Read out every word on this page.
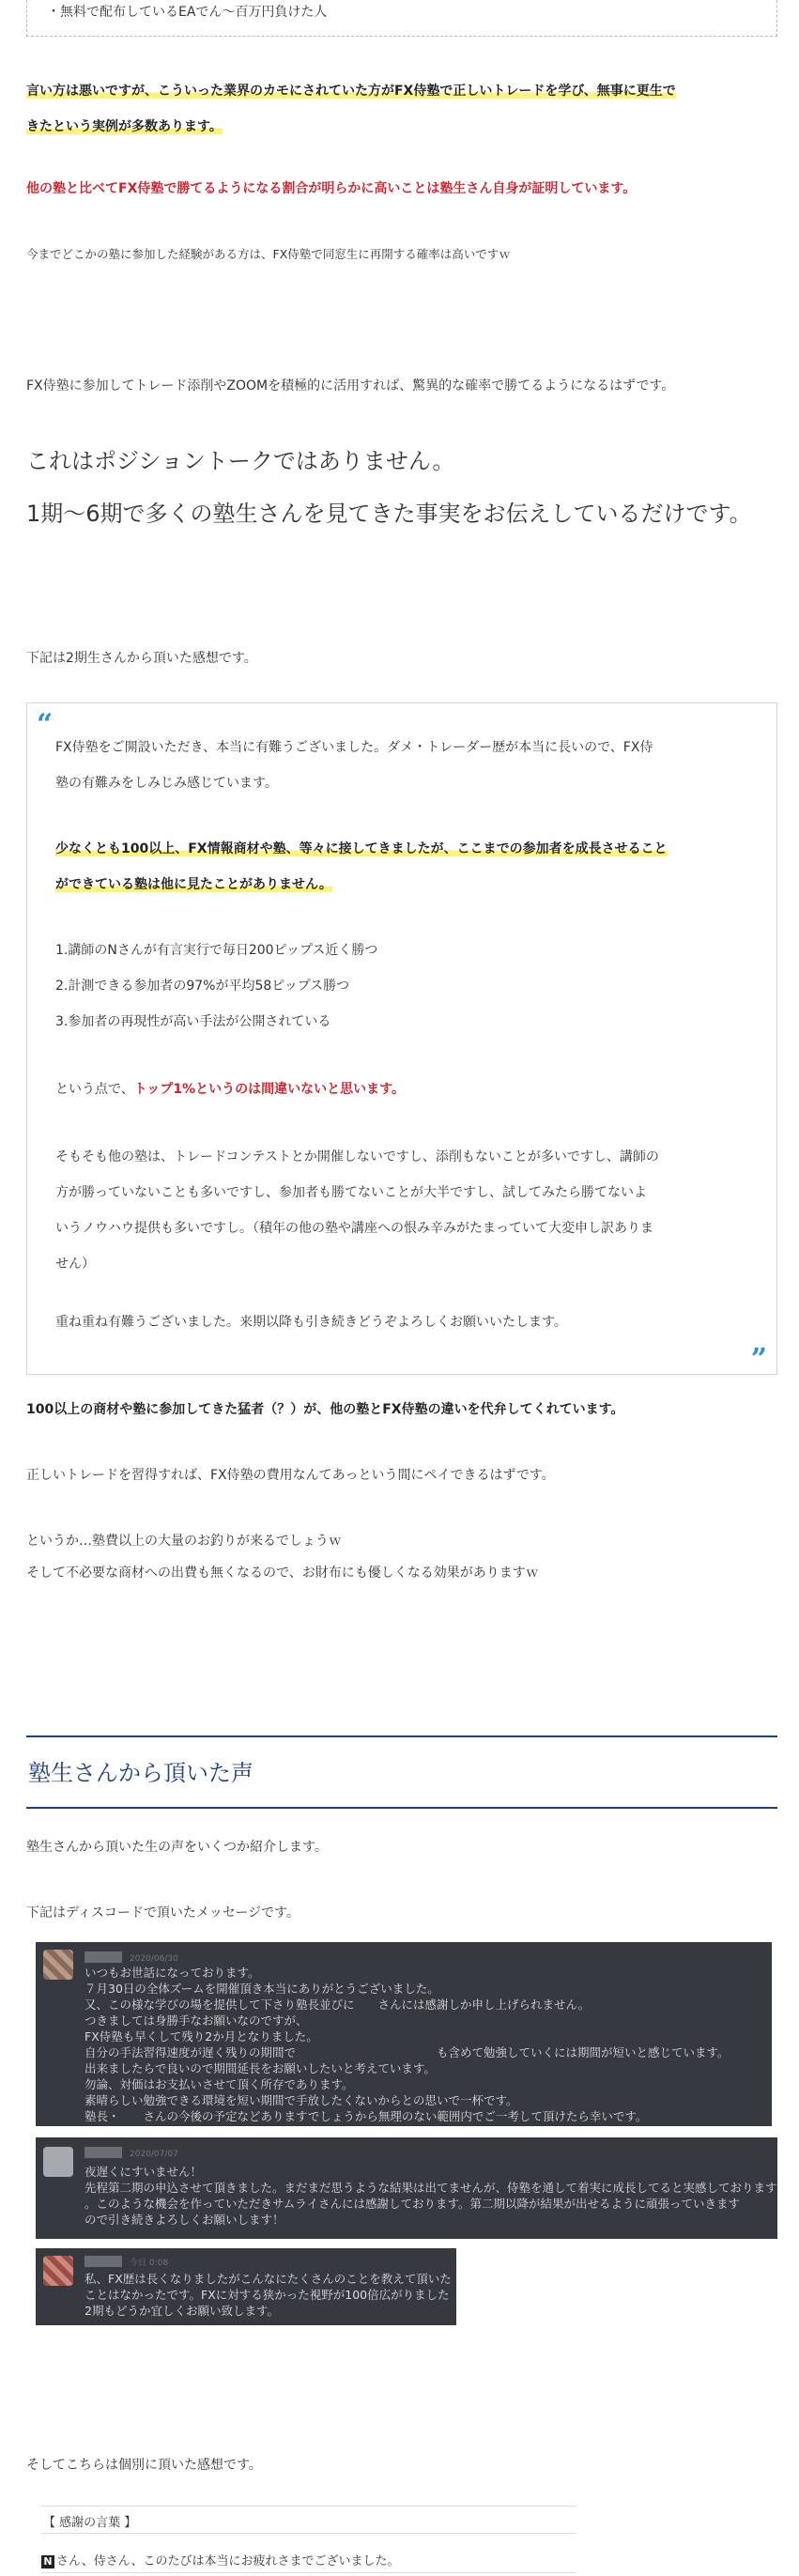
・無料で配布しているEAでん〜百万円負けた人

言い方は悪いですが、こういった業界のカモにされていた方がFX侍塾で正しいトレードを学び、無事に更生で
きたという実例が多数あります。

他の塾と比べてFX侍塾で勝てるようになる割合が明らかに高いことは塾生さん自身が証明しています。

今までどこかの塾に参加した経験がある方は、FX侍塾で同窓生に再開する確率は高いですｗ

FX侍塾に参加してトレード添削やZOOMを積極的に活用すれば、驚異的な確率で勝てるようになるはずです。

これはポジショントークではありません。

1期〜6期で多くの塾生さんを見てきた事実をお伝えしているだけです。

下記は2期生さんから頂いた感想です。

“

FX侍塾をご開設いただき、本当に有難うございました。ダメ・トレーダー歴が本当に長いので、FX侍
塾の有難みをしみじみ感じています。

少なくとも100以上、FX情報商材や塾、等々に接してきましたが、ここまでの参加者を成長させること
ができている塾は他に見たことがありません。

1.講師のNさんが有言実行で毎日200ピップス近く勝つ
2.計測できる参加者の97%が平均58ピップス勝つ
3.参加者の再現性が高い手法が公開されている

という点で、トップ1%というのは間違いないと思います。

そもそも他の塾は、トレードコンテストとか開催しないですし、添削もないことが多いですし、講師の
方が勝っていないことも多いですし、参加者も勝てないことが大半ですし、試してみたら勝てないよ
いうノウハウ提供も多いですし。（積年の他の塾や講座への恨み辛みがたまっていて大変申し訳ありま
せん）

重ね重ね有難うございました。来期以降も引き続きどうぞよろしくお願いいたします。

”

100以上の商材や塾に参加してきた猛者（？）が、他の塾とFX侍塾の違いを代弁してくれています。

正しいトレードを習得すれば、FX侍塾の費用なんてあっという間にペイできるはずです。

というか…塾費以上の大量のお釣りが来るでしょうｗ

そして不必要な商材への出費も無くなるので、お財布にも優しくなる効果がありますｗ

塾生さんから頂いた声

塾生さんから頂いた生の声をいくつか紹介します。

下記はディスコードで頂いたメッセージです。

2020/06/30

いつもお世話になっております。
７月30日の全体ズームを開催頂き本当にありがとうございました。
又、この様な学びの場を提供して下さり塾長並びに　　さんには感謝しか申し上げられません。
つきましては身勝手なお願いなのですが、
FX侍塾も早くして残り2か月となりました。
自分の手法習得速度が遅く残りの期間で　　　　　　　　　　　　も含めて勉強していくには期間が短いと感じています。
出来ましたらで良いので期間延長をお願いしたいと考えています。
勿論、対価はお支払いさせて頂く所存であります。
素晴らしい勉強できる環境を短い期間で手放したくないからとの思いで一杯です。
塾長・　　さんの今後の予定などありますでしょうから無理のない範囲内でご一考して頂けたら幸いです。

2020/07/07

夜遅くにすいません！
先程第二期の申込させて頂きました。まだまだ思うような結果は出てませんが、侍塾を通して着実に成長してると実感しております
。このような機会を作っていただきサムライさんには感謝しております。第二期以降が結果が出せるように頑張っていきます
ので引き続きよろしくお願いします！

今日 0:08

私、FX歴は長くなりましたがこんなにたくさんのことを教えて頂いた
ことはなかったです。FXに対する狭かった視野が100倍広がりました
2期もどうか宜しくお願い致します。

そしてこちらは個別に頂いた感想です。

【 感謝の言葉 】
N さん、侍さん、このたびは本当にお疲れさまでございました。
